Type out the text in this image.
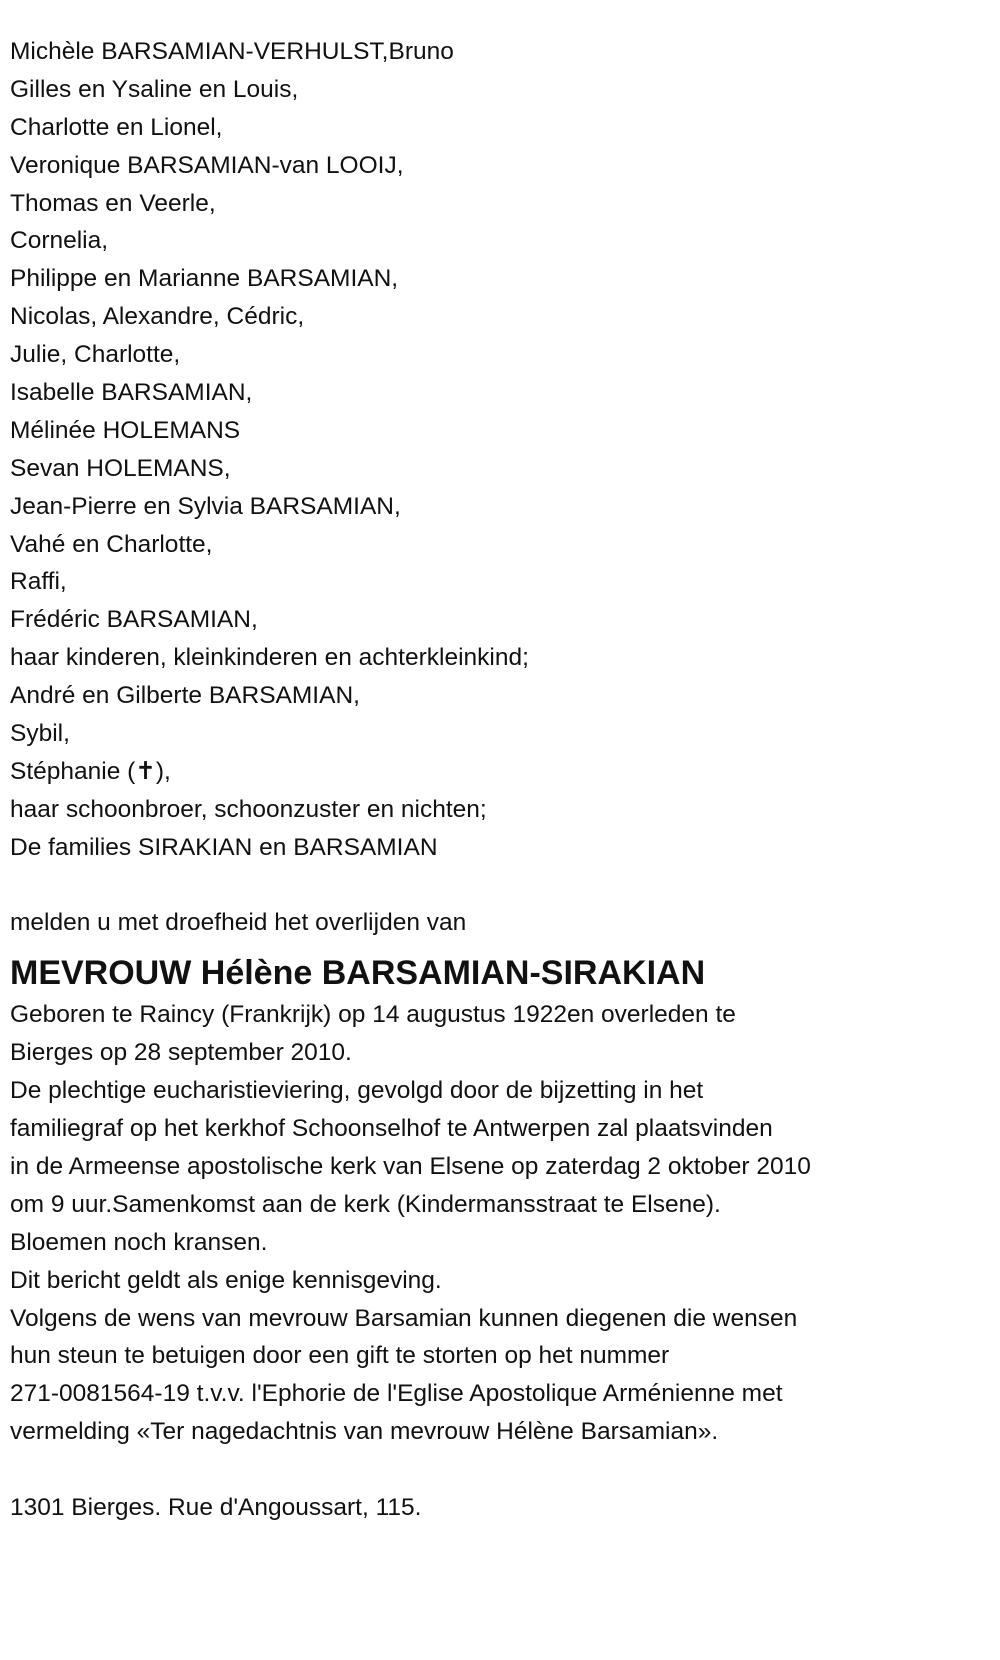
Michèle BARSAMIAN-VERHULST,Bruno
Gilles en Ysaline en Louis,
Charlotte en Lionel,
Veronique BARSAMIAN-van LOOIJ,
Thomas en Veerle,
Cornelia,
Philippe en Marianne BARSAMIAN,
Nicolas, Alexandre, Cédric,
Julie, Charlotte,
Isabelle BARSAMIAN,
Mélinée HOLEMANS
Sevan HOLEMANS,
Jean-Pierre en Sylvia BARSAMIAN,
Vahé en Charlotte,
Raffi,
Frédéric BARSAMIAN,
haar kinderen, kleinkinderen en achterkleinkind;
André en Gilberte BARSAMIAN,
Sybil,
Stéphanie (✝),
haar schoonbroer, schoonzuster en nichten;
De families SIRAKIAN en BARSAMIAN
melden u met droefheid het overlijden van
MEVROUW Hélène BARSAMIAN-SIRAKIAN
Geboren te Raincy (Frankrijk) op 14 augustus 1922en overleden te
Bierges op 28 september 2010.
De plechtige eucharistieviering, gevolgd door de bijzetting in het
familiegraf op het kerkhof Schoonselhof te Antwerpen zal plaatsvinden
in de Armeense apostolische kerk van Elsene op zaterdag 2 oktober 2010
om 9 uur.Samenkomst aan de kerk (Kindermansstraat te Elsene).
Bloemen noch kransen.
Dit bericht geldt als enige kennisgeving.
Volgens de wens van mevrouw Barsamian kunnen diegenen die wensen
hun steun te betuigen door een gift te storten op het nummer
271-0081564-19 t.v.v. l'Ephorie de l'Eglise Apostolique Arménienne met
vermelding «Ter nagedachtnis van mevrouw Hélène Barsamian».
1301 Bierges. Rue d'Angoussart, 115.
